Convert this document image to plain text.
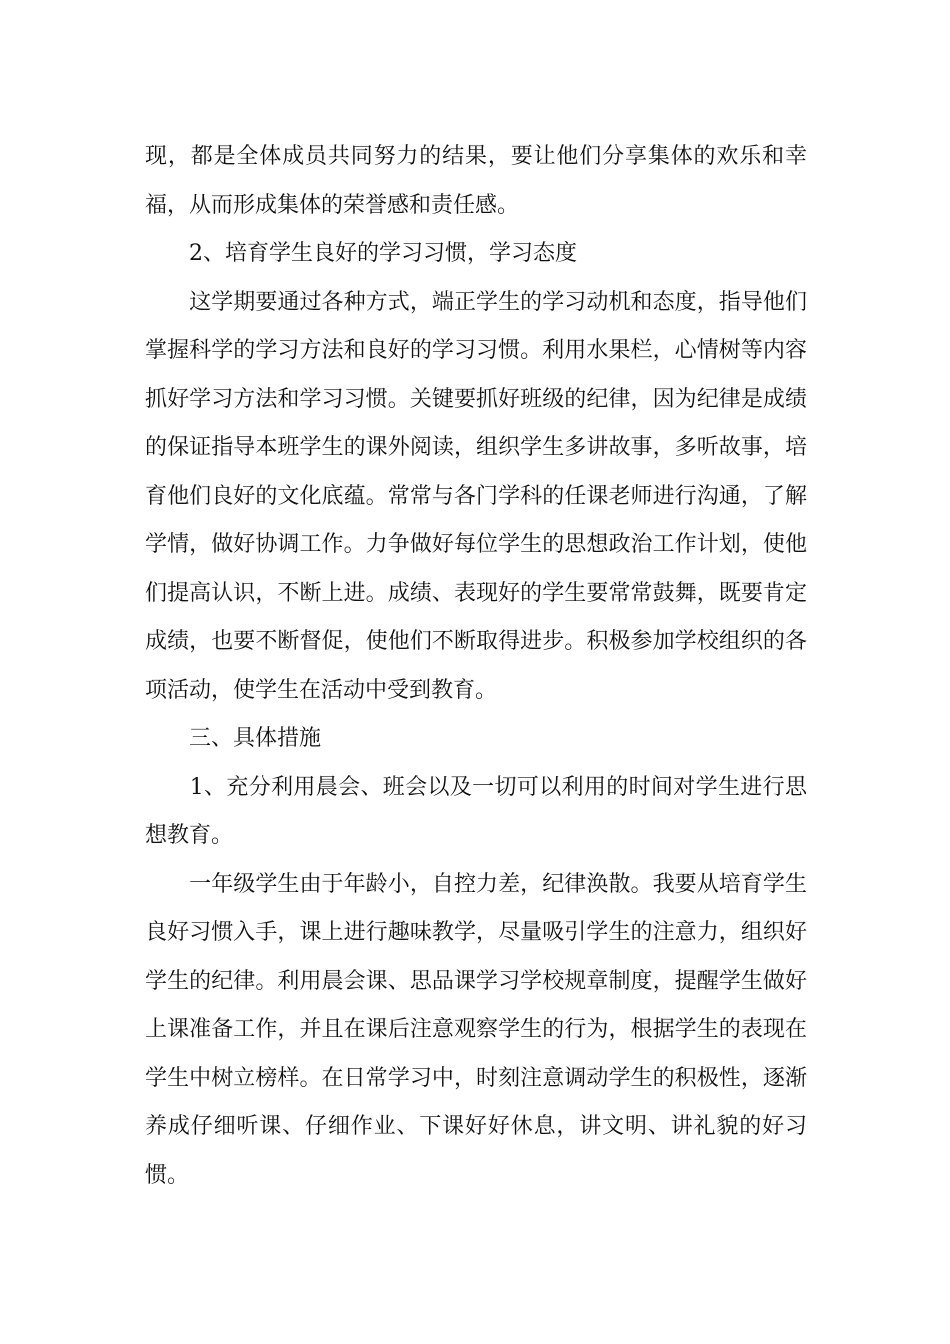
现，都是全体成员共同努力的结果，要让他们分享集体的欢乐和幸福，从而形成集体的荣誉感和责任感。

　　2、培育学生良好的学习习惯，学习态度

　　这学期要通过各种方式，端正学生的学习动机和态度，指导他们掌握科学的学习方法和良好的学习习惯。利用水果栏，心情树等内容抓好学习方法和学习习惯。关键要抓好班级的纪律，因为纪律是成绩的保证指导本班学生的课外阅读，组织学生多讲故事，多听故事，培育他们良好的文化底蕴。常常与各门学科的任课老师进行沟通，了解学情，做好协调工作。力争做好每位学生的思想政治工作计划，使他们提高认识，不断上进。成绩、表现好的学生要常常鼓舞，既要肯定成绩，也要不断督促，使他们不断取得进步。积极参加学校组织的各项活动，使学生在活动中受到教育。

　　三、具体措施

　　1、充分利用晨会、班会以及一切可以利用的时间对学生进行思想教育。

　　一年级学生由于年龄小，自控力差，纪律涣散。我要从培育学生良好习惯入手，课上进行趣味教学，尽量吸引学生的注意力，组织好学生的纪律。利用晨会课、思品课学习学校规章制度，提醒学生做好上课准备工作，并且在课后注意观察学生的行为，根据学生的表现在学生中树立榜样。在日常学习中，时刻注意调动学生的积极性，逐渐养成仔细听课、仔细作业、下课好好休息，讲文明、讲礼貌的好习惯。
